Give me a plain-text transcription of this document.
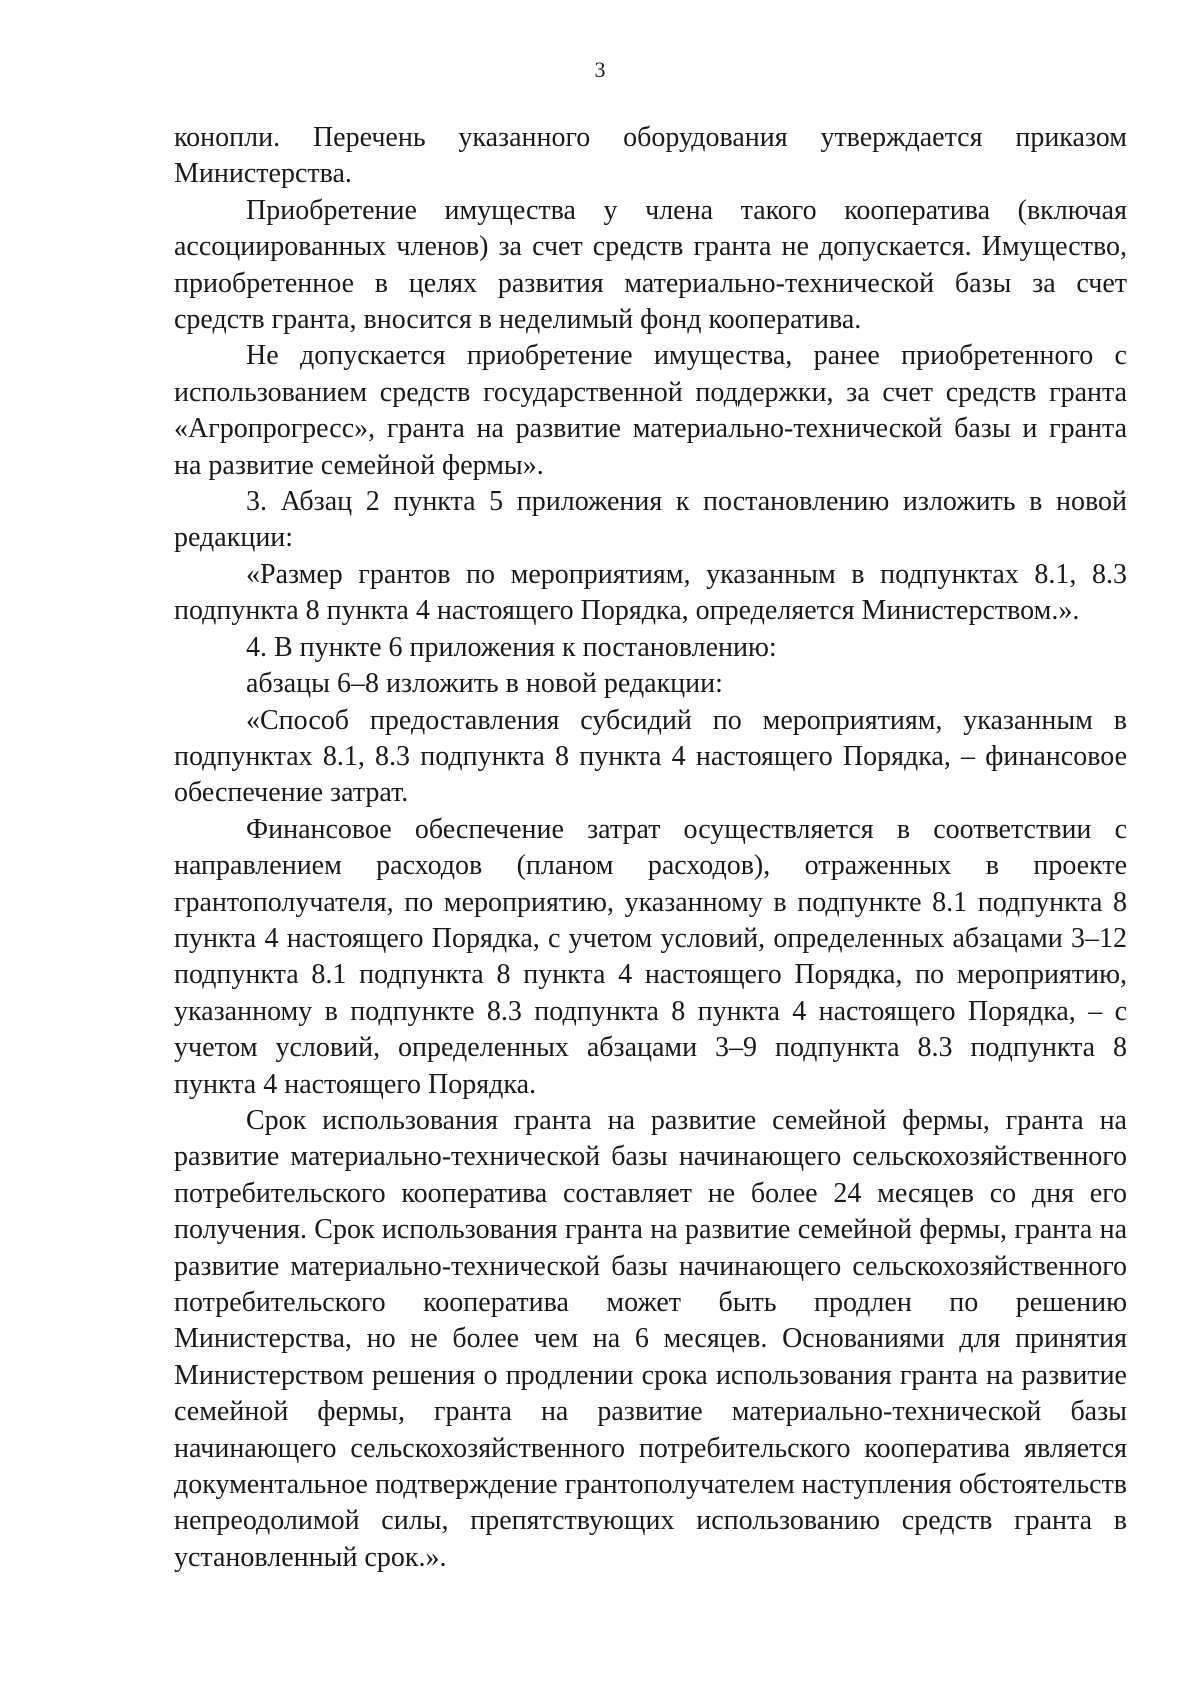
3

конопли. Перечень указанного оборудования утверждается приказом Министерства.

Приобретение имущества у члена такого кооператива (включая ассоциированных членов) за счет средств гранта не допускается. Имущество, приобретенное в целях развития материально-технической базы за счет средств гранта, вносится в неделимый фонд кооператива.

Не допускается приобретение имущества, ранее приобретенного с использованием средств государственной поддержки, за счет средств гранта «Агропрогресс», гранта на развитие материально-технической базы и гранта на развитие семейной фермы».

3. Абзац 2 пункта 5 приложения к постановлению изложить в новой редакции:

«Размер грантов по мероприятиям, указанным в подпунктах 8.1, 8.3 подпункта 8 пункта 4 настоящего Порядка, определяется Министерством.».

4. В пункте 6 приложения к постановлению:

абзацы 6–8 изложить в новой редакции:

«Способ предоставления субсидий по мероприятиям, указанным в подпунктах 8.1, 8.3 подпункта 8 пункта 4 настоящего Порядка, – финансовое обеспечение затрат.

Финансовое обеспечение затрат осуществляется в соответствии с направлением расходов (планом расходов), отраженных в проекте грантополучателя, по мероприятию, указанному в подпункте 8.1 подпункта 8 пункта 4 настоящего Порядка, с учетом условий, определенных абзацами 3–12 подпункта 8.1 подпункта 8 пункта 4 настоящего Порядка, по мероприятию, указанному в подпункте 8.3 подпункта 8 пункта 4 настоящего Порядка, – с учетом условий, определенных абзацами 3–9 подпункта 8.3 подпункта 8 пункта 4 настоящего Порядка.

Срок использования гранта на развитие семейной фермы, гранта на развитие материально-технической базы начинающего сельскохозяйственного потребительского кооператива составляет не более 24 месяцев со дня его получения. Срок использования гранта на развитие семейной фермы, гранта на развитие материально-технической базы начинающего сельскохозяйственного потребительского кооператива может быть продлен по решению Министерства, но не более чем на 6 месяцев. Основаниями для принятия Министерством решения о продлении срока использования гранта на развитие семейной фермы, гранта на развитие материально-технической базы начинающего сельскохозяйственного потребительского кооператива является документальное подтверждение грантополучателем наступления обстоятельств непреодолимой силы, препятствующих использованию средств гранта в установленный срок.».
